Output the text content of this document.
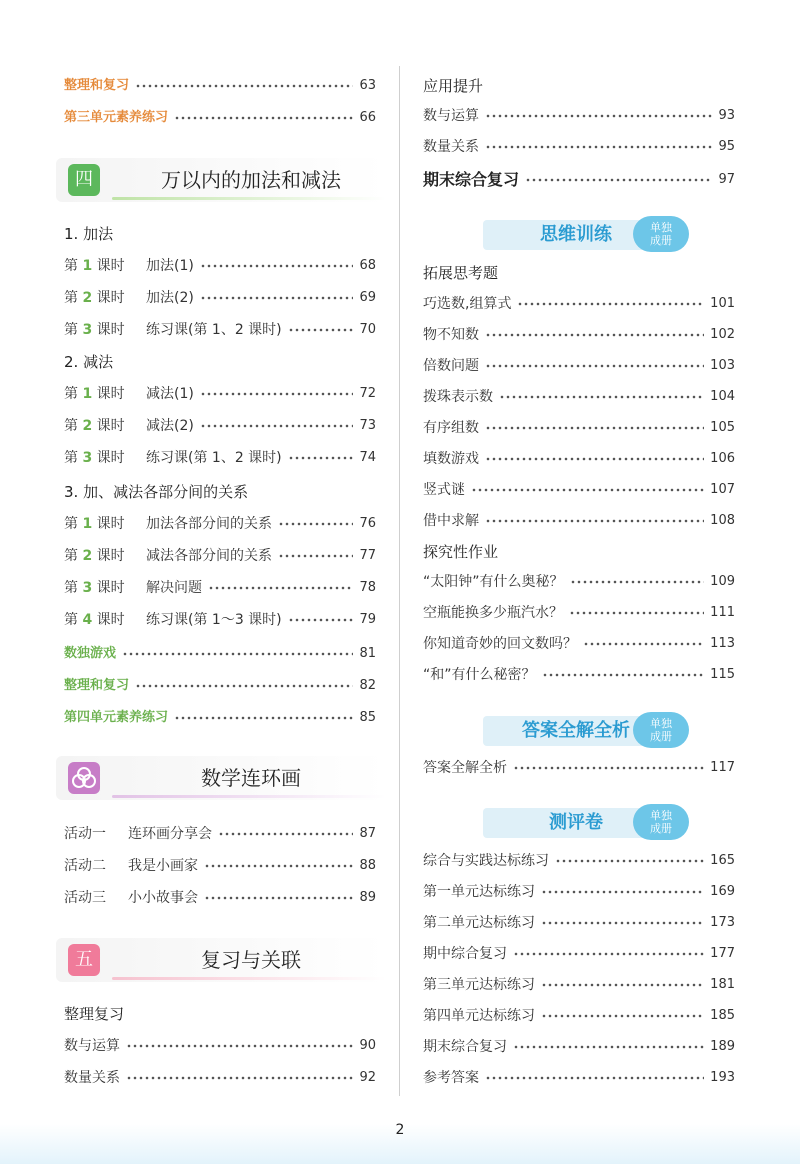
整理和复习	63
第三单元素养练习	66
四	万以内的加法和减法
1. 加法
第 1 课时	加法(1)	68
第 2 课时	加法(2)	69
第 3 课时	练习课(第 1、2 课时)	70
2. 减法
第 1 课时	减法(1)	72
第 2 课时	减法(2)	73
第 3 课时	练习课(第 1、2 课时)	74
3. 加、减法各部分间的关系
第 1 课时	加法各部分间的关系	76
第 2 课时	减法各部分间的关系	77
第 3 课时	解决问题	78
第 4 课时	练习课(第 1～3 课时)	79
数独游戏	81
整理和复习	82
第四单元素养练习	85
数学连环画
活动一	连环画分享会	87
活动二	我是小画家	88
活动三	小小故事会	89
五	复习与关联
整理复习
数与运算	90
数量关系	92
应用提升
数与运算	93
数量关系	95
期末综合复习	97
思维训练	单独
成册
拓展思考题
巧选数,组算式	101
物不知数	102
倍数问题	103
拨珠表示数	104
有序组数	105
填数游戏	106
竖式谜	107
借中求解	108
探究性作业
“太阳钟”有什么奥秘？	109
空瓶能换多少瓶汽水？	111
你知道奇妙的回文数吗？	113
“和”有什么秘密？	115
答案全解全析	单独
成册
答案全解全析	117
测评卷	单独
成册
综合与实践达标练习	165
第一单元达标练习	169
第二单元达标练习	173
期中综合复习	177
第三单元达标练习	181
第四单元达标练习	185
期末综合复习	189
参考答案	193
2
